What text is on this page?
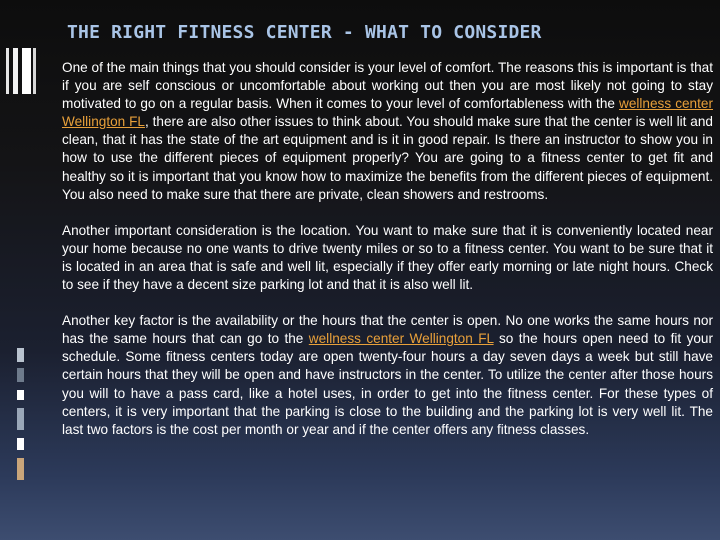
THE RIGHT FITNESS CENTER - WHAT TO CONSIDER

One of the main things that you should consider is your level of comfort. The reasons this is important is that if you are self conscious or uncomfortable about working out then you are most likely not going to stay motivated to go on a regular basis. When it comes to your level of comfortableness with the wellness center Wellington FL, there are also other issues to think about. You should make sure that the center is well lit and clean, that it has the state of the art equipment and is it in good repair. Is there an instructor to show you in how to use the different pieces of equipment properly? You are going to a fitness center to get fit and healthy so it is important that you know how to maximize the benefits from the different pieces of equipment. You also need to make sure that there are private, clean showers and restrooms.

Another important consideration is the location. You want to make sure that it is conveniently located near your home because no one wants to drive twenty miles or so to a fitness center. You want to be sure that it is located in an area that is safe and well lit, especially if they offer early morning or late night hours. Check to see if they have a decent size parking lot and that it is also well lit.

Another key factor is the availability or the hours that the center is open. No one works the same hours nor has the same hours that can go to the wellness center Wellington FL so the hours open need to fit your schedule. Some fitness centers today are open twenty-four hours a day seven days a week but still have certain hours that they will be open and have instructors in the center. To utilize the center after those hours you will to have a pass card, like a hotel uses, in order to get into the fitness center. For these types of centers, it is very important that the parking is close to the building and the parking lot is very well lit. The last two factors is the cost per month or year and if the center offers any fitness classes.
